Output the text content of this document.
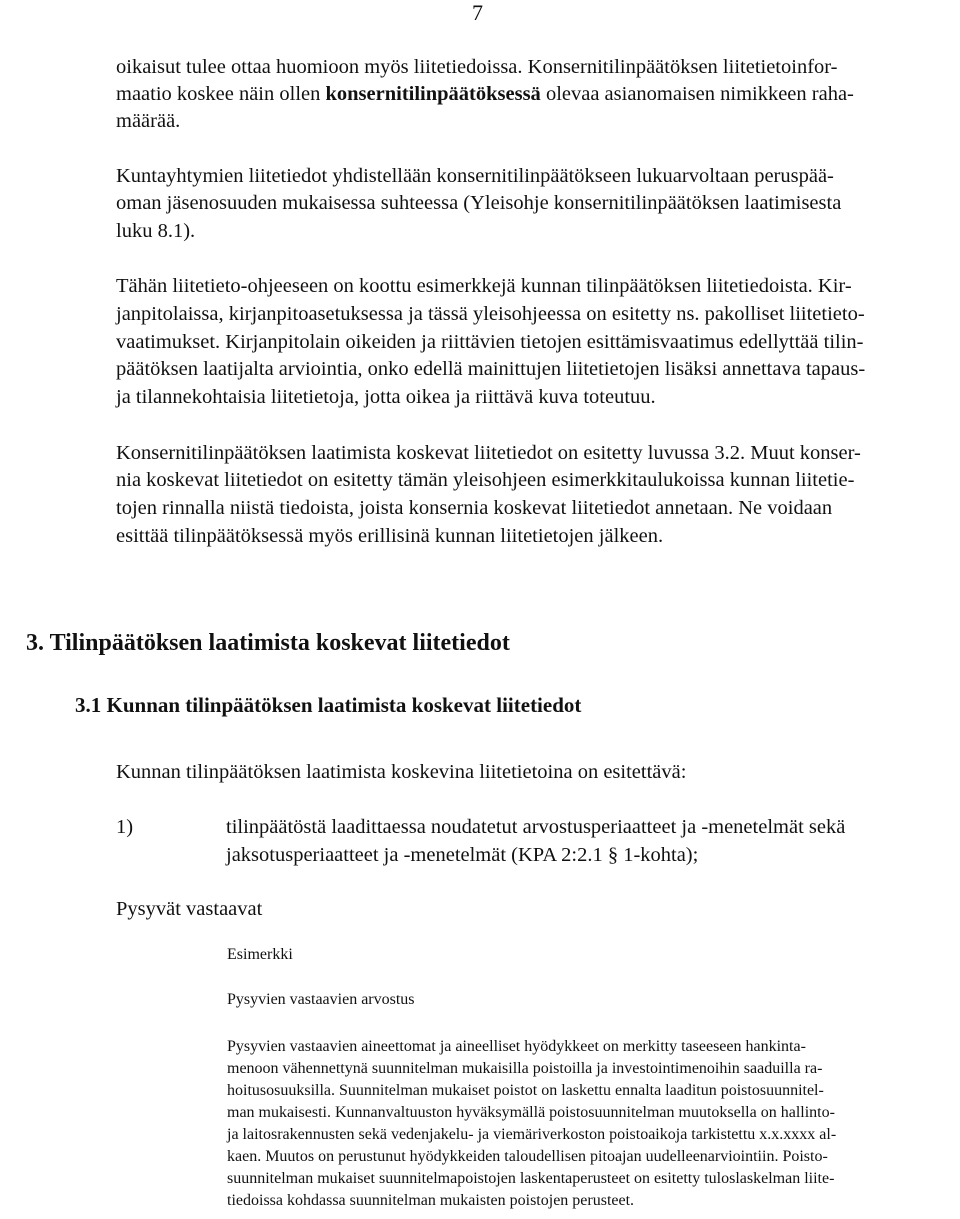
7
oikaisut tulee ottaa huomioon myös liitetiedoissa. Konsernitilinpäätöksen liitetietoinfor-
maatio koskee näin ollen konsernitilinpäätöksessä olevaa asianomaisen nimikkeen raha-
määrää.
Kuntayhtymien liitetiedot yhdistellään konsernitilinpäätökseen lukuarvoltaan peruspää-
oman jäsenosuuden mukaisessa suhteessa (Yleisohje konsernitilinpäätöksen laatimisesta
luku 8.1).
Tähän liitetieto-ohjeeseen on koottu esimerkkejä kunnan tilinpäätöksen liitetiedoista. Kir-
janpitolaissa, kirjanpitoasetuksessa ja tässä yleisohjeessa on esitetty ns. pakolliset liitetieto-
vaatimukset. Kirjanpitolain oikeiden ja riittävien tietojen esittämisvaatimus edellyttää tilin-
päätöksen laatijalta arviointia, onko edellä mainittujen liitetietojen lisäksi annettava tapaus-
ja tilannekohtaisia liitetietoja, jotta oikea ja riittävä kuva toteutuu.
Konsernitilinpäätöksen laatimista koskevat liitetiedot on esitetty luvussa 3.2. Muut konser-
nia koskevat liitetiedot on esitetty tämän yleisohjeen esimerkkitaulukoissa kunnan liitetie-
tojen rinnalla niistä tiedoista, joista konsernia koskevat liitetiedot annetaan. Ne voidaan
esittää tilinpäätöksessä myös erillisinä kunnan liitetietojen jälkeen.
3. Tilinpäätöksen laatimista koskevat liitetiedot
3.1 Kunnan tilinpäätöksen laatimista koskevat liitetiedot
Kunnan tilinpäätöksen laatimista koskevina liitetietoina on esitettävä:
1)	tilinpäätöstä laadittaessa noudatetut arvostusperiaatteet ja -menetelmät sekä
jaksotusperiaatteet ja -menetelmät (KPA 2:2.1 § 1-kohta);
Pysyvät vastaavat
Esimerkki
Pysyvien vastaavien arvostus
Pysyvien vastaavien aineettomat ja aineelliset hyödykkeet on merkitty taseeseen hankinta-
menoon vähennettynä suunnitelman mukaisilla poistoilla ja investointimenoihin saaduilla ra-
hoitusosuuksilla. Suunnitelman mukaiset poistot on laskettu ennalta laaditun poistosuunnitel-
man mukaisesti. Kunnanvaltuuston hyväksymällä poistosuunnitelman muutoksella on hallinto-
ja laitosrakennusten sekä vedenjakelu- ja viemäriverkoston poistoaikoja tarkistettu x.x.xxxx al-
kaen. Muutos on perustunut hyödykkeiden taloudellisen pitoajan uudelleenarviointiin. Poisto-
suunnitelman mukaiset suunnitelmapoistojen laskentaperusteet on esitetty tuloslaskelman liite-
tiedoissa kohdassa suunnitelman mukaisten poistojen perusteet.
